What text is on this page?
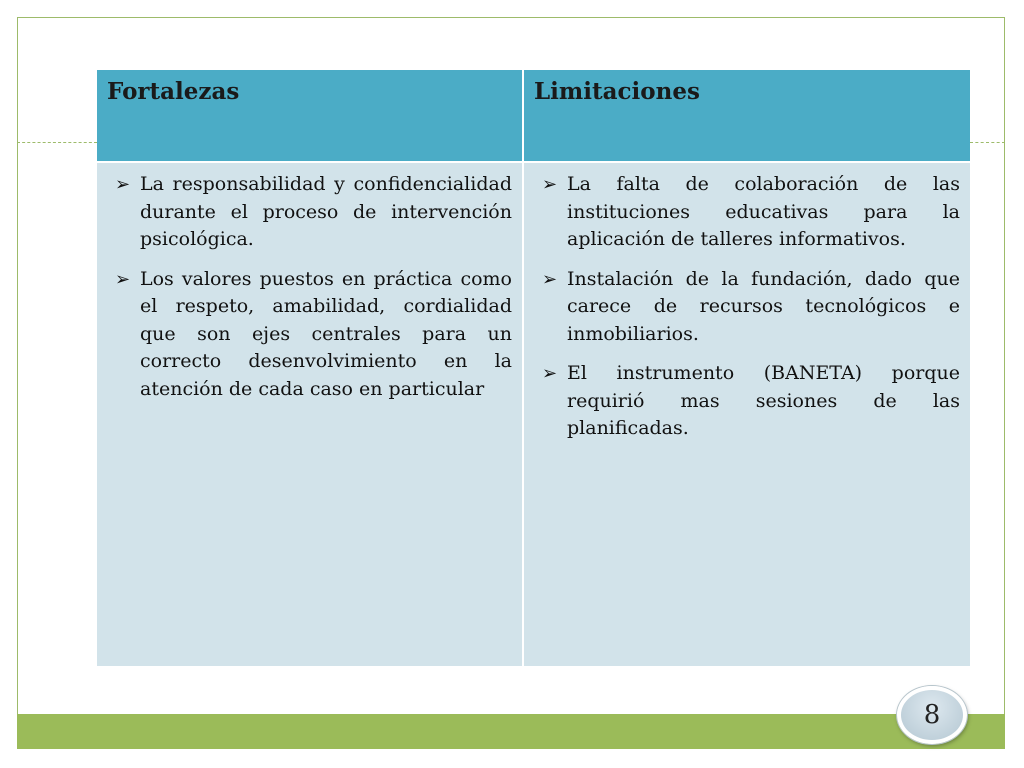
Fortalezas
➢ La responsabilidad y confidencialidad durante el proceso de intervención psicológica.
➢ Los valores puestos en práctica como el respeto, amabilidad, cordialidad que son ejes centrales para un correcto desenvolvimiento en la atención de cada caso en particular
Limitaciones
➢ La falta de colaboración de las instituciones educativas para la aplicación de talleres informativos.
➢ Instalación de la fundación, dado que carece de recursos tecnológicos e inmobiliarios.
➢ El instrumento (BANETA) porque requirió mas sesiones de las planificadas.
8
